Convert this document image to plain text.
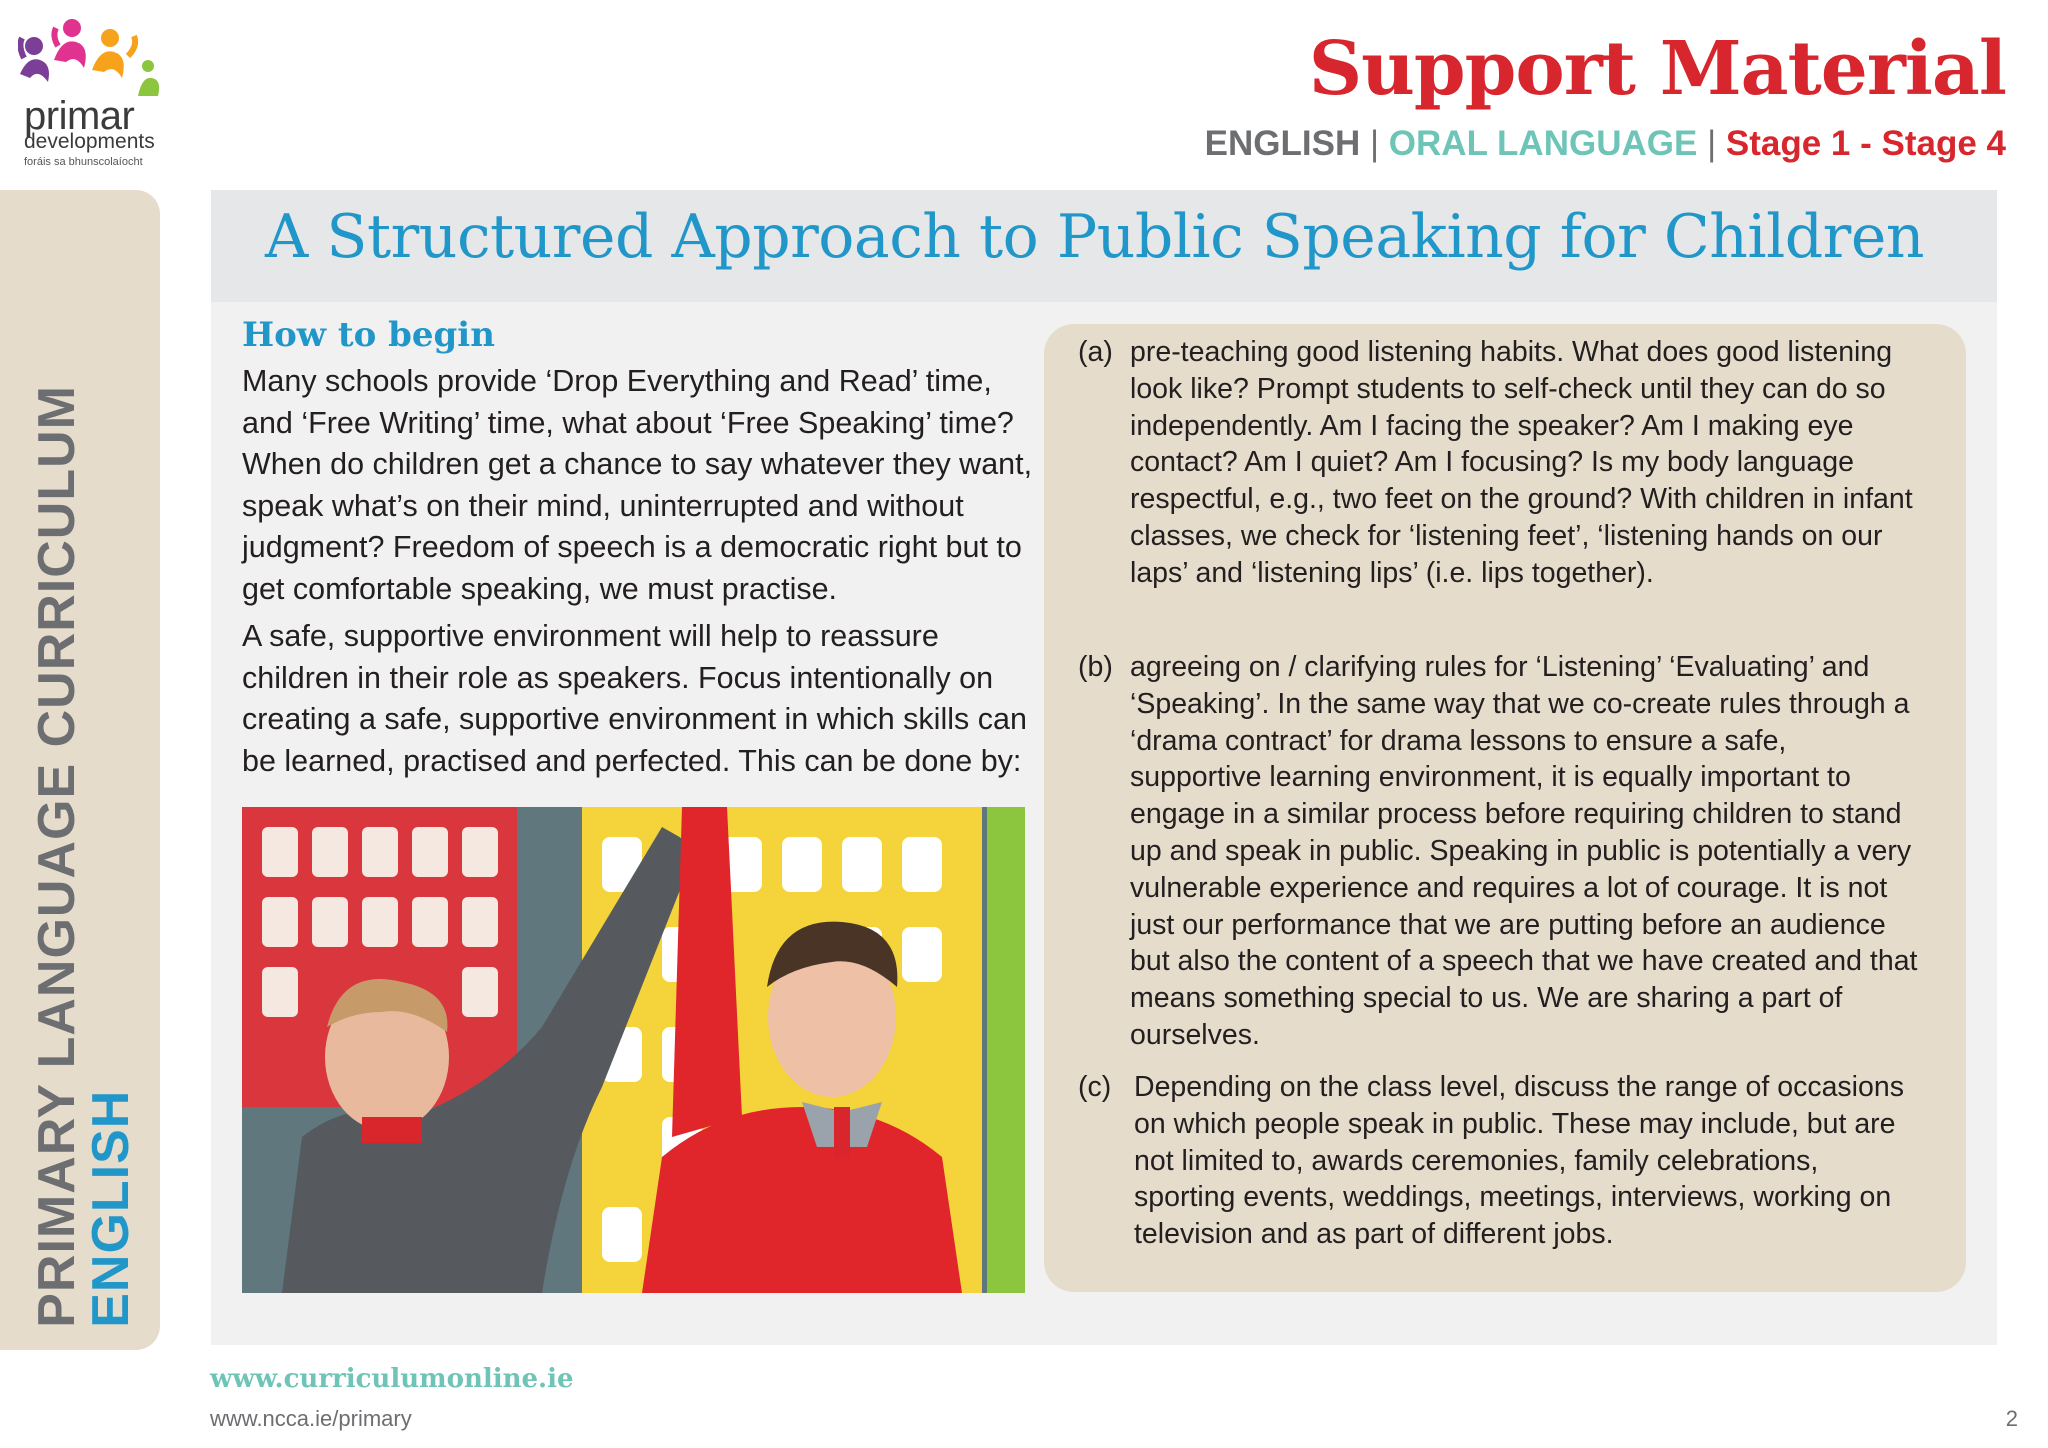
primar
developments
foráis sa bhunscolaíocht
Support Material
ENGLISH | ORAL LANGUAGE | Stage 1 - Stage 4
PRIMARY LANGUAGE CURRICULUM
ENGLISH
A Structured Approach to Public Speaking for Children
How to begin

Many schools provide ‘Drop Everything and Read’ time, and ‘Free Writing’ time, what about ‘Free Speaking’ time? When do children get a chance to say whatever they want, speak what’s on their mind, uninterrupted and without judgment? Freedom of speech is a democratic right but to get comfortable speaking, we must practise.

A safe, supportive environment will help to reassure children in their role as speakers. Focus intentionally on creating a safe, supportive environment in which skills can be learned, practised and perfected. This can be done by:

(a) pre-teaching good listening habits. What does good listening look like? Prompt students to self-check until they can do so independently. Am I facing the speaker? Am I making eye contact? Am I quiet? Am I focusing? Is my body language respectful, e.g., two feet on the ground? With children in infant classes, we check for ‘listening feet’, ‘listening hands on our laps’ and ‘listening lips’ (i.e. lips together).
(b) agreeing on / clarifying rules for ‘Listening’ ‘Evaluating’ and ‘Speaking’. In the same way that we co-create rules through a ‘drama contract’ for drama lessons to ensure a safe, supportive learning environment, it is equally important to engage in a similar process before requiring children to stand up and speak in public. Speaking in public is potentially a very vulnerable experience and requires a lot of courage. It is not just our performance that we are putting before an audience but also the content of a speech that we have created and that means something special to us. We are sharing a part of ourselves.
(c) Depending on the class level, discuss the range of occasions on which people speak in public. These may include, but are not limited to, awards ceremonies, family celebrations, sporting events, weddings, meetings, interviews, working on television and as part of different jobs.
www.curriculumonline.ie
www.ncca.ie/primary	2
